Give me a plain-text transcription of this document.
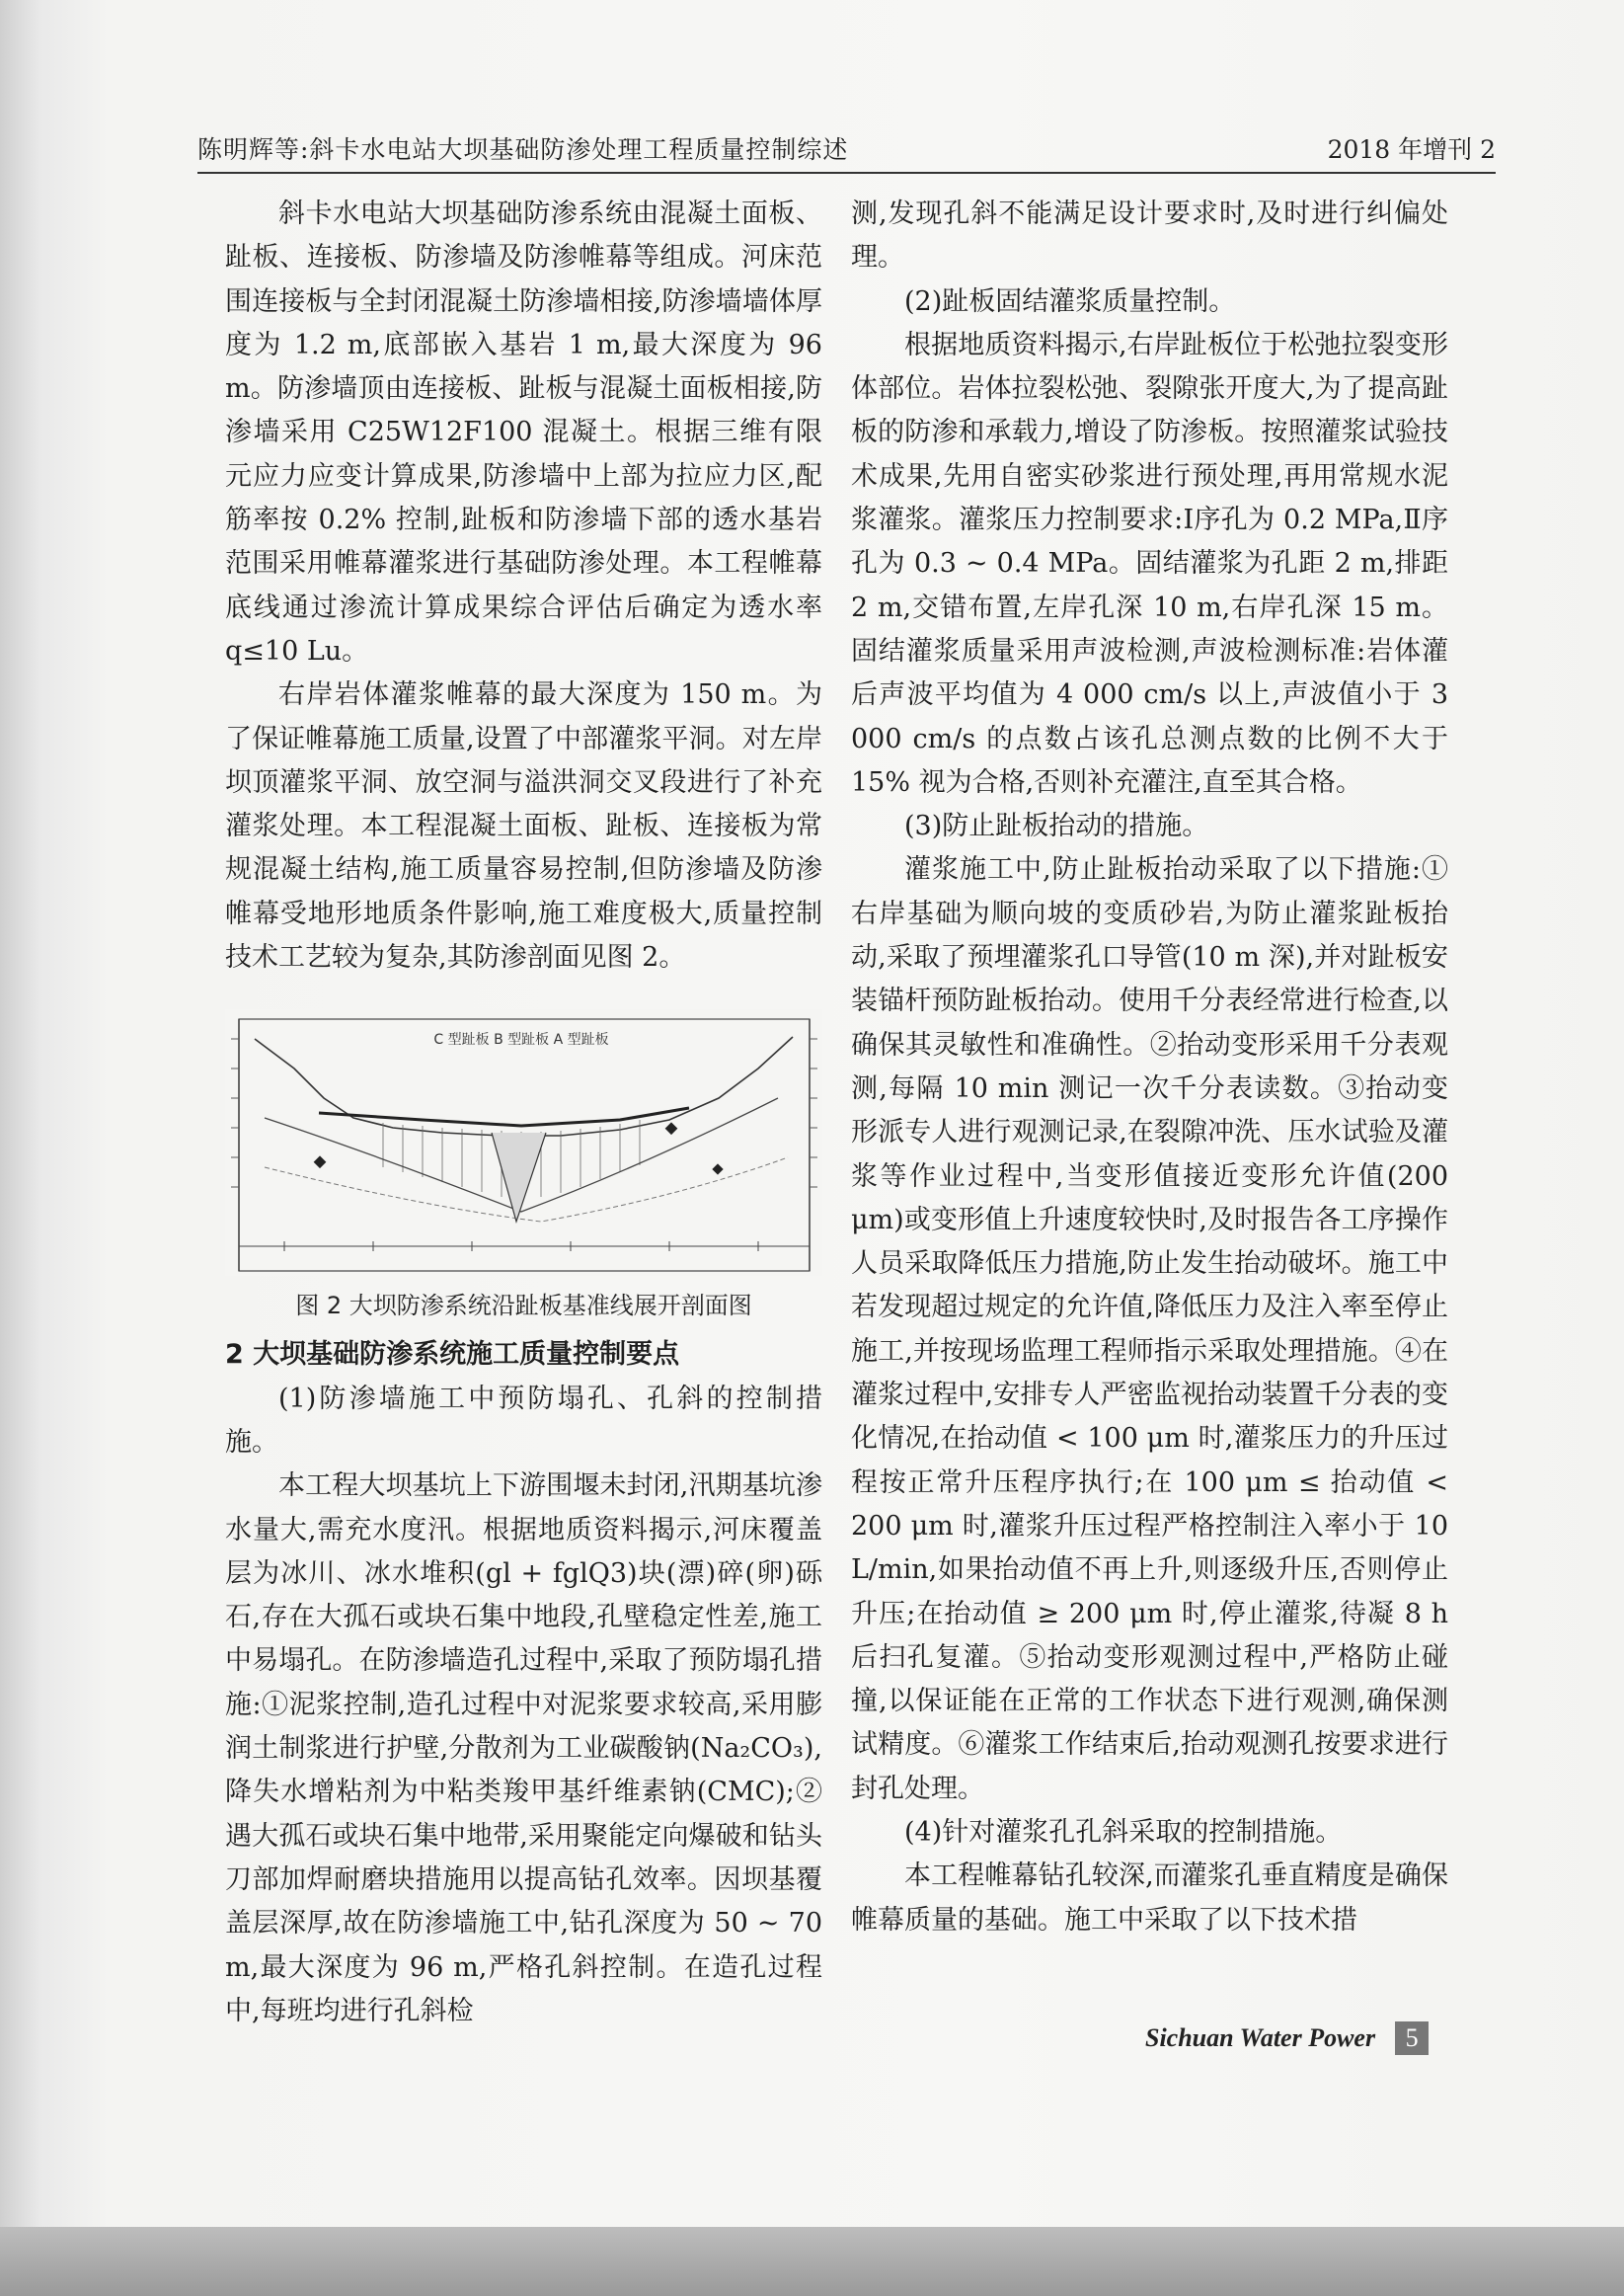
陈明辉等:斜卡水电站大坝基础防渗处理工程质量控制综述	2018 年增刊 2

斜卡水电站大坝基础防渗系统由混凝土面板、趾板、连接板、防渗墙及防渗帷幕等组成。河床范围连接板与全封闭混凝土防渗墙相接,防渗墙墙体厚度为 1.2 m,底部嵌入基岩 1 m,最大深度为 96 m。防渗墙顶由连接板、趾板与混凝土面板相接,防渗墙采用 C25W12F100 混凝土。根据三维有限元应力应变计算成果,防渗墙中上部为拉应力区,配筋率按 0.2% 控制,趾板和防渗墙下部的透水基岩范围采用帷幕灌浆进行基础防渗处理。本工程帷幕底线通过渗流计算成果综合评估后确定为透水率 q≤10 Lu。

右岸岩体灌浆帷幕的最大深度为 150 m。为了保证帷幕施工质量,设置了中部灌浆平洞。对左岸坝顶灌浆平洞、放空洞与溢洪洞交叉段进行了补充灌浆处理。本工程混凝土面板、趾板、连接板为常规混凝土结构,施工质量容易控制,但防渗墙及防渗帷幕受地形地质条件影响,施工难度极大,质量控制技术工艺较为复杂,其防渗剖面见图 2。

C 型趾板 B 型趾板 A 型趾板
图 2 大坝防渗系统沿趾板基准线展开剖面图

2 大坝基础防渗系统施工质量控制要点

(1)防渗墙施工中预防塌孔、孔斜的控制措施。

本工程大坝基坑上下游围堰未封闭,汛期基坑渗水量大,需充水度汛。根据地质资料揭示,河床覆盖层为冰川、冰水堆积(gl + fglQ3)块(漂)碎(卵)砾石,存在大孤石或块石集中地段,孔壁稳定性差,施工中易塌孔。在防渗墙造孔过程中,采取了预防塌孔措施:①泥浆控制,造孔过程中对泥浆要求较高,采用膨润土制浆进行护壁,分散剂为工业碳酸钠(Na₂CO₃),降失水增粘剂为中粘类羧甲基纤维素钠(CMC);②遇大孤石或块石集中地带,采用聚能定向爆破和钻头刀部加焊耐磨块措施用以提高钻孔效率。因坝基覆盖层深厚,故在防渗墙施工中,钻孔深度为 50 ~ 70 m,最大深度为 96 m,严格孔斜控制。在造孔过程中,每班均进行孔斜检

测,发现孔斜不能满足设计要求时,及时进行纠偏处理。

(2)趾板固结灌浆质量控制。

根据地质资料揭示,右岸趾板位于松弛拉裂变形体部位。岩体拉裂松弛、裂隙张开度大,为了提高趾板的防渗和承载力,增设了防渗板。按照灌浆试验技术成果,先用自密实砂浆进行预处理,再用常规水泥浆灌浆。灌浆压力控制要求:Ⅰ序孔为 0.2 MPa,Ⅱ序孔为 0.3 ~ 0.4 MPa。固结灌浆为孔距 2 m,排距 2 m,交错布置,左岸孔深 10 m,右岸孔深 15 m。固结灌浆质量采用声波检测,声波检测标准:岩体灌后声波平均值为 4 000 cm/s 以上,声波值小于 3 000 cm/s 的点数占该孔总测点数的比例不大于 15% 视为合格,否则补充灌注,直至其合格。

(3)防止趾板抬动的措施。

灌浆施工中,防止趾板抬动采取了以下措施:①右岸基础为顺向坡的变质砂岩,为防止灌浆趾板抬动,采取了预埋灌浆孔口导管(10 m 深),并对趾板安装锚杆预防趾板抬动。使用千分表经常进行检查,以确保其灵敏性和准确性。②抬动变形采用千分表观测,每隔 10 min 测记一次千分表读数。③抬动变形派专人进行观测记录,在裂隙冲洗、压水试验及灌浆等作业过程中,当变形值接近变形允许值(200 μm)或变形值上升速度较快时,及时报告各工序操作人员采取降低压力措施,防止发生抬动破坏。施工中若发现超过规定的允许值,降低压力及注入率至停止施工,并按现场监理工程师指示采取处理措施。④在灌浆过程中,安排专人严密监视抬动装置千分表的变化情况,在抬动值 < 100 μm 时,灌浆压力的升压过程按正常升压程序执行;在 100 μm ≤ 抬动值 < 200 μm 时,灌浆升压过程严格控制注入率小于 10 L/min,如果抬动值不再上升,则逐级升压,否则停止升压;在抬动值 ≥ 200 μm 时,停止灌浆,待凝 8 h 后扫孔复灌。⑤抬动变形观测过程中,严格防止碰撞,以保证能在正常的工作状态下进行观测,确保测试精度。⑥灌浆工作结束后,抬动观测孔按要求进行封孔处理。

(4)针对灌浆孔孔斜采取的控制措施。

本工程帷幕钻孔较深,而灌浆孔垂直精度是确保帷幕质量的基础。施工中采取了以下技术措

Sichuan Water Power	5
